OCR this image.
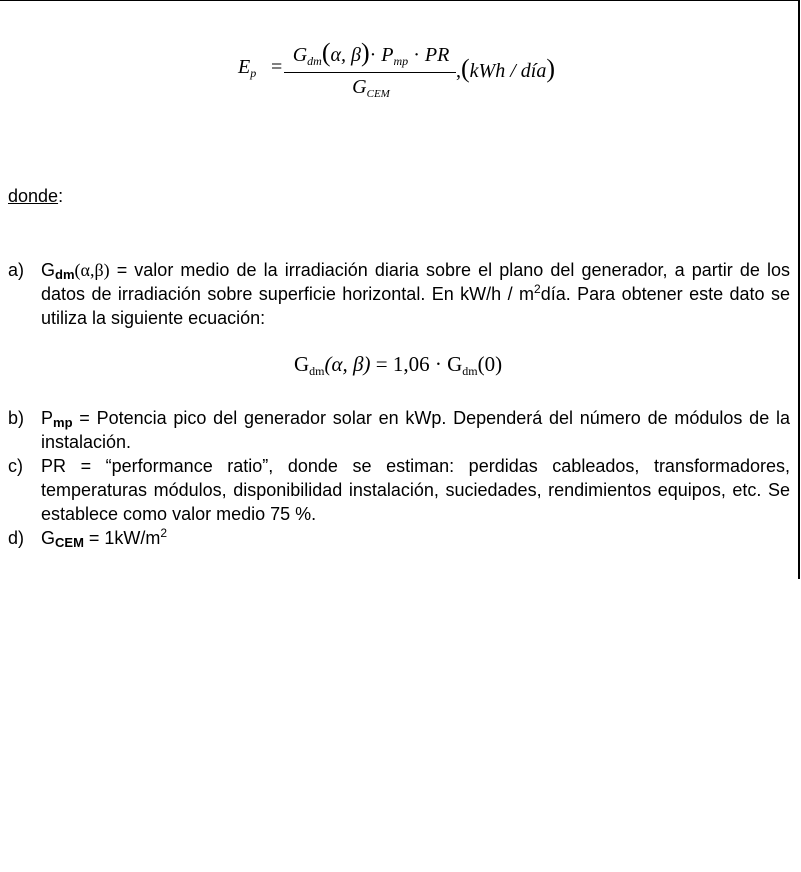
$E_p$ =
$G_{dm}(\alpha$, $\beta)\cdot P_{mp}$ · PR
$G_{CEM}$
,(kWh / día)
donde:
a) $G_{dm}(\alpha,\beta)$ = valor medio de la irradiación diaria sobre el plano del generador, a partir de los datos de irradiación sobre superficie horizontal. En $kW/h / m^2día$. Para obtener este dato se utiliza la siguiente ecuación:
$G_{dm}(\alpha$, $\beta) = 1,06 \cdot G_{dm}(0)$
b) $P_{mp}$ = Potencia pico del generador solar en kWp. Dependerá del número de módulos de la instalación.
c) PR = “performance ratio”, donde se estiman: perdidas cableados, transformadores, temperaturas módulos, disponibilidad instalación, suciedades, rendimientos equipos, etc. Se establece como valor medio 75 %.
d) $G_{CEM} = 1kW/m^2$
